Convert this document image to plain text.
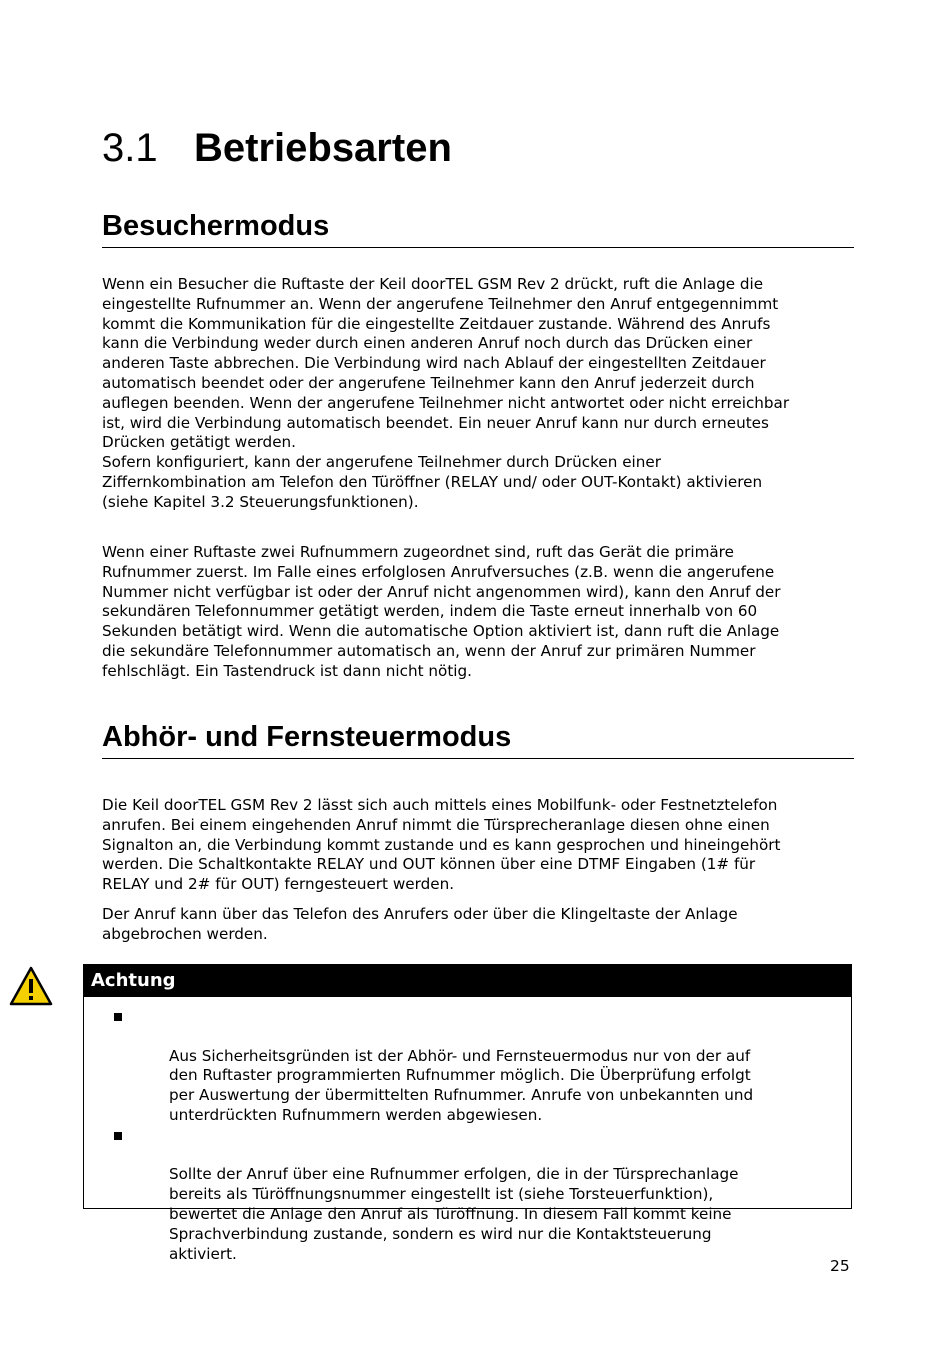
3.1 Betriebsarten
Besuchermodus

Wenn ein Besucher die Ruftaste der Keil doorTEL GSM Rev 2 drückt, ruft die Anlage die
eingestellte Rufnummer an. Wenn der angerufene Teilnehmer den Anruf entgegennimmt
kommt die Kommunikation für die eingestellte Zeitdauer zustande. Während des Anrufs
kann die Verbindung weder durch einen anderen Anruf noch durch das Drücken einer
anderen Taste abbrechen. Die Verbindung wird nach Ablauf der eingestellten Zeitdauer
automatisch beendet oder der angerufene Teilnehmer kann den Anruf jederzeit durch
auflegen beenden. Wenn der angerufene Teilnehmer nicht antwortet oder nicht erreichbar
ist, wird die Verbindung automatisch beendet. Ein neuer Anruf kann nur durch erneutes
Drücken getätigt werden.
Sofern konfiguriert, kann der angerufene Teilnehmer durch Drücken einer
Ziffernkombination am Telefon den Türöffner (RELAY und/ oder OUT-Kontakt) aktivieren
(siehe Kapitel 3.2 Steuerungsfunktionen).

Wenn einer Ruftaste zwei Rufnummern zugeordnet sind, ruft das Gerät die primäre
Rufnummer zuerst. Im Falle eines erfolglosen Anrufversuches (z.B. wenn die angerufene
Nummer nicht verfügbar ist oder der Anruf nicht angenommen wird), kann den Anruf der
sekundären Telefonnummer getätigt werden, indem die Taste erneut innerhalb von 60
Sekunden betätigt wird. Wenn die automatische Option aktiviert ist, dann ruft die Anlage
die sekundäre Telefonnummer automatisch an, wenn der Anruf zur primären Nummer
fehlschlägt. Ein Tastendruck ist dann nicht nötig.

Abhör- und Fernsteuermodus

Die Keil doorTEL GSM Rev 2 lässt sich auch mittels eines Mobilfunk- oder Festnetztelefon
anrufen. Bei einem eingehenden Anruf nimmt die Türsprecheranlage diesen ohne einen
Signalton an, die Verbindung kommt zustande und es kann gesprochen und hineingehört
werden. Die Schaltkontakte RELAY und OUT können über eine DTMF Eingaben (1# für
RELAY und 2# für OUT) ferngesteuert werden.

Der Anruf kann über das Telefon des Anrufers oder über die Klingeltaste der Anlage
abgebrochen werden.

Achtung

Aus Sicherheitsgründen ist der Abhör- und Fernsteuermodus nur von der auf
den Ruftaster programmierten Rufnummer möglich. Die Überprüfung erfolgt
per Auswertung der übermittelten Rufnummer. Anrufe von unbekannten und
unterdrückten Rufnummern werden abgewiesen.

Sollte der Anruf über eine Rufnummer erfolgen, die in der Türsprechanlage
bereits als Türöffnungsnummer eingestellt ist (siehe Torsteuerfunktion),
bewertet die Anlage den Anruf als Türöffnung. In diesem Fall kommt keine
Sprachverbindung zustande, sondern es wird nur die Kontaktsteuerung
aktiviert.

25
